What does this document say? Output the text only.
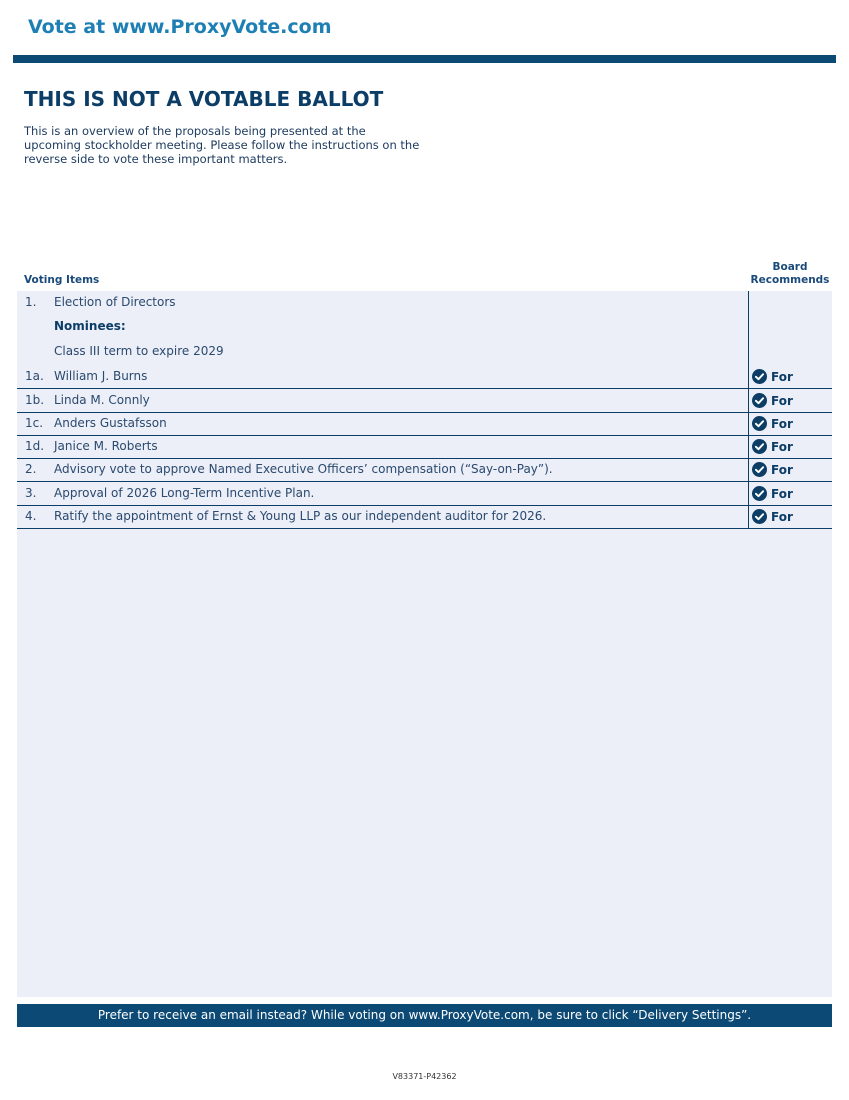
Vote at www.ProxyVote.com
THIS IS NOT A VOTABLE BALLOT
This is an overview of the proposals being presented at the upcoming stockholder meeting. Please follow the instructions on the reverse side to vote these important matters.
Voting Items
Board
Recommends
1. Election of Directors
Nominees:
Class III term to expire 2029
1a. William J. Burns	For
1b. Linda M. Connly	For
1c. Anders Gustafsson	For
1d. Janice M. Roberts	For
2. Advisory vote to approve Named Executive Officers’ compensation (“Say-on-Pay”).	For
3. Approval of 2026 Long-Term Incentive Plan.	For
4. Ratify the appointment of Ernst & Young LLP as our independent auditor for 2026.	For
Prefer to receive an email instead? While voting on www.ProxyVote.com, be sure to click “Delivery Settings”.
V83371-P42362
